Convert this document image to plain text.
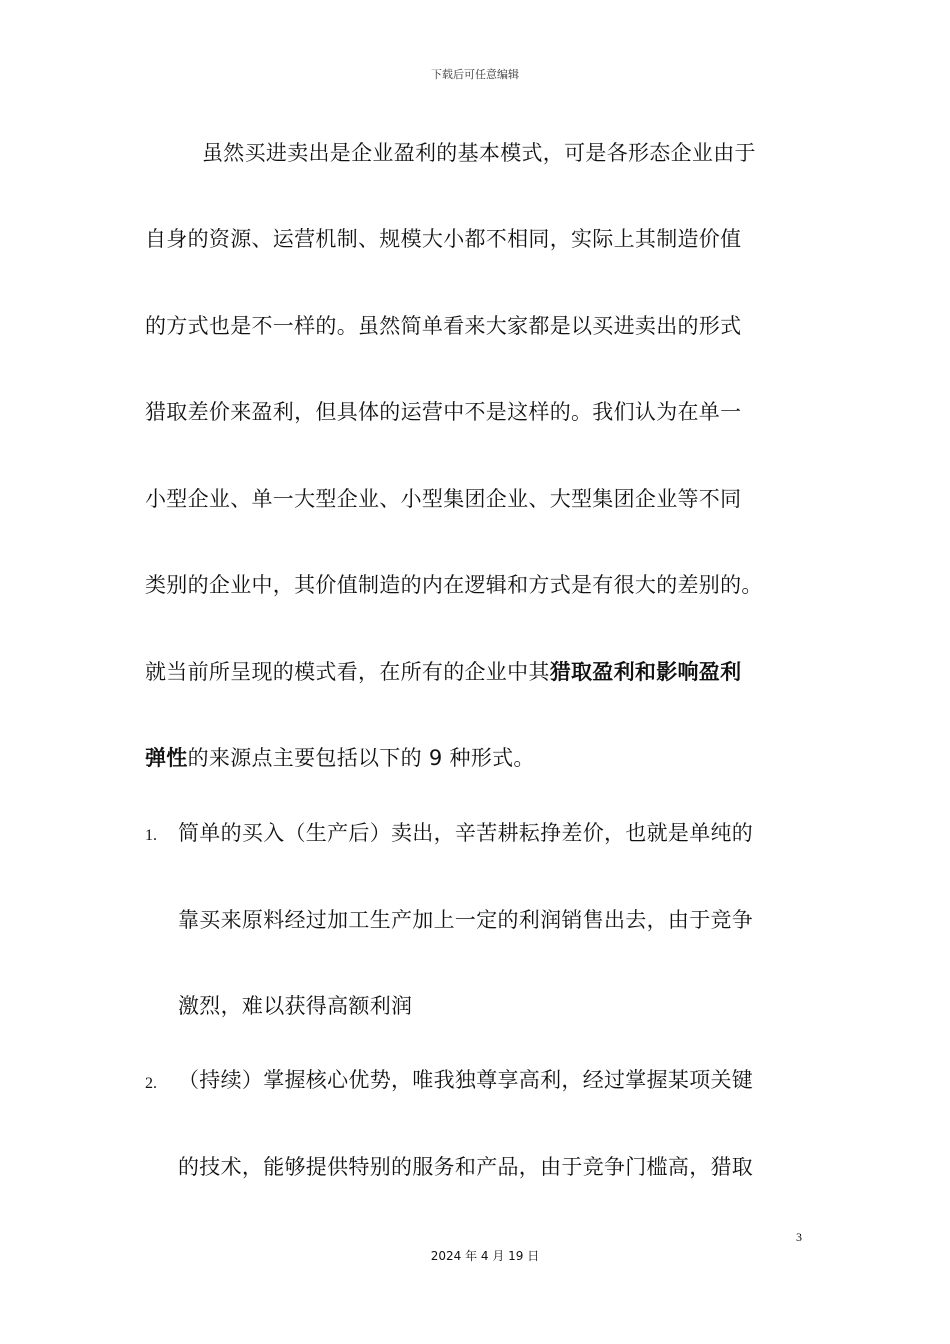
下载后可任意编辑
虽然买进卖出是企业盈利的基本模式，可是各形态企业由于
自身的资源、运营机制、规模大小都不相同，实际上其制造价值
的方式也是不一样的。虽然简单看来大家都是以买进卖出的形式
猎取差价来盈利，但具体的运营中不是这样的。我们认为在单一
小型企业、单一大型企业、小型集团企业、大型集团企业等不同
类别的企业中，其价值制造的内在逻辑和方式是有很大的差别的。
就当前所呈现的模式看，在所有的企业中其猎取盈利和影响盈利
弹性的来源点主要包括以下的 9 种形式。
1. 简单的买入（生产后）卖出，辛苦耕耘挣差价，也就是单纯的
靠买来原料经过加工生产加上一定的利润销售出去，由于竞争
激烈，难以获得高额利润
2. （持续）掌握核心优势，唯我独尊享高利，经过掌握某项关键
的技术，能够提供特别的服务和产品，由于竞争门槛高，猎取
3
2024 年 4 月 19 日
